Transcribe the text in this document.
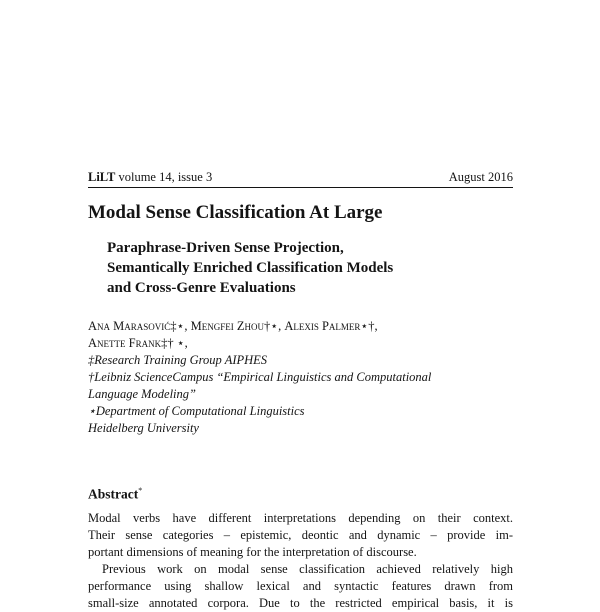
LiLT volume 14, issue 3	August 2016
Modal Sense Classification At Large
Paraphrase-Driven Sense Projection,
Semantically Enriched Classification Models
and Cross-Genre Evaluations
Ana Marasović‡⋆, Mengfei Zhou†⋆, Alexis Palmer⋆†,
Anette Frank‡† ⋆,
‡Research Training Group AIPHES
†Leibniz ScienceCampus “Empirical Linguistics and Computational
Language Modeling”
⋆Department of Computational Linguistics
Heidelberg University
Abstract*
Modal verbs have different interpretations depending on their context.
Their sense categories – epistemic, deontic and dynamic – provide im-
portant dimensions of meaning for the interpretation of discourse.
Previous work on modal sense classification achieved relatively high
performance using shallow lexical and syntactic features drawn from
small-size annotated corpora. Due to the restricted empirical basis, it is
